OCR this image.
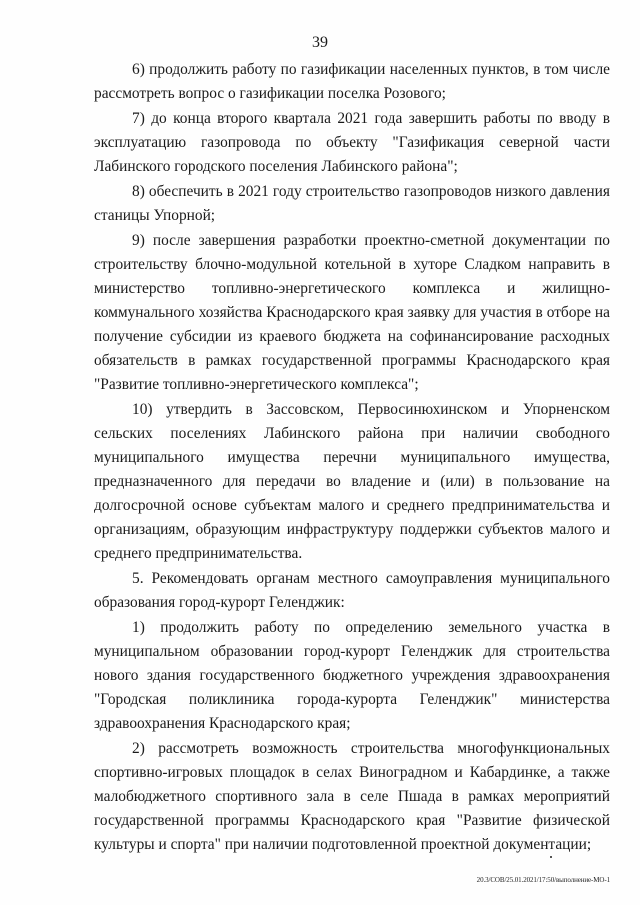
39

6) продолжить работу по газификации населенных пунктов, в том числе рассмотреть вопрос о газификации поселка Розового;

7) до конца второго квартала 2021 года завершить работы по вводу в эксплуатацию газопровода по объекту "Газификация северной части Лабинского городского поселения Лабинского района";

8) обеспечить в 2021 году строительство газопроводов низкого давления станицы Упорной;

9) после завершения разработки проектно-сметной документации по строительству блочно-модульной котельной в хуторе Сладком направить в министерство топливно-энергетического комплекса и жилищно-коммунального хозяйства Краснодарского края заявку для участия в отборе на получение субсидии из краевого бюджета на софинансирование расходных обязательств в рамках государственной программы Краснодарского края "Развитие топливно-энергетического комплекса";

10) утвердить в Зассовском, Первосинюхинском и Упорненском сельских поселениях Лабинского района при наличии свободного муниципального имущества перечни муниципального имущества, предназначенного для передачи во владение и (или) в пользование на долгосрочной основе субъектам малого и среднего предпринимательства и организациям, образующим инфраструктуру поддержки субъектов малого и среднего предпринимательства.

5. Рекомендовать органам местного самоуправления муниципального образования город-курорт Геленджик:

1) продолжить работу по определению земельного участка в муниципальном образовании город-курорт Геленджик для строительства нового здания государственного бюджетного учреждения здравоохранения "Городская поликлиника города-курорта Геленджик" министерства здравоохранения Краснодарского края;

2) рассмотреть возможность строительства многофункциональных спортивно-игровых площадок в селах Виноградном и Кабардинке, а также малобюджетного спортивного зала в селе Пшада в рамках мероприятий государственной программы Краснодарского края "Развитие физической культуры и спорта" при наличии подготовленной проектной документации;

20.3/СОВ/25.01.2021/17:50/выполнение-МО-1
